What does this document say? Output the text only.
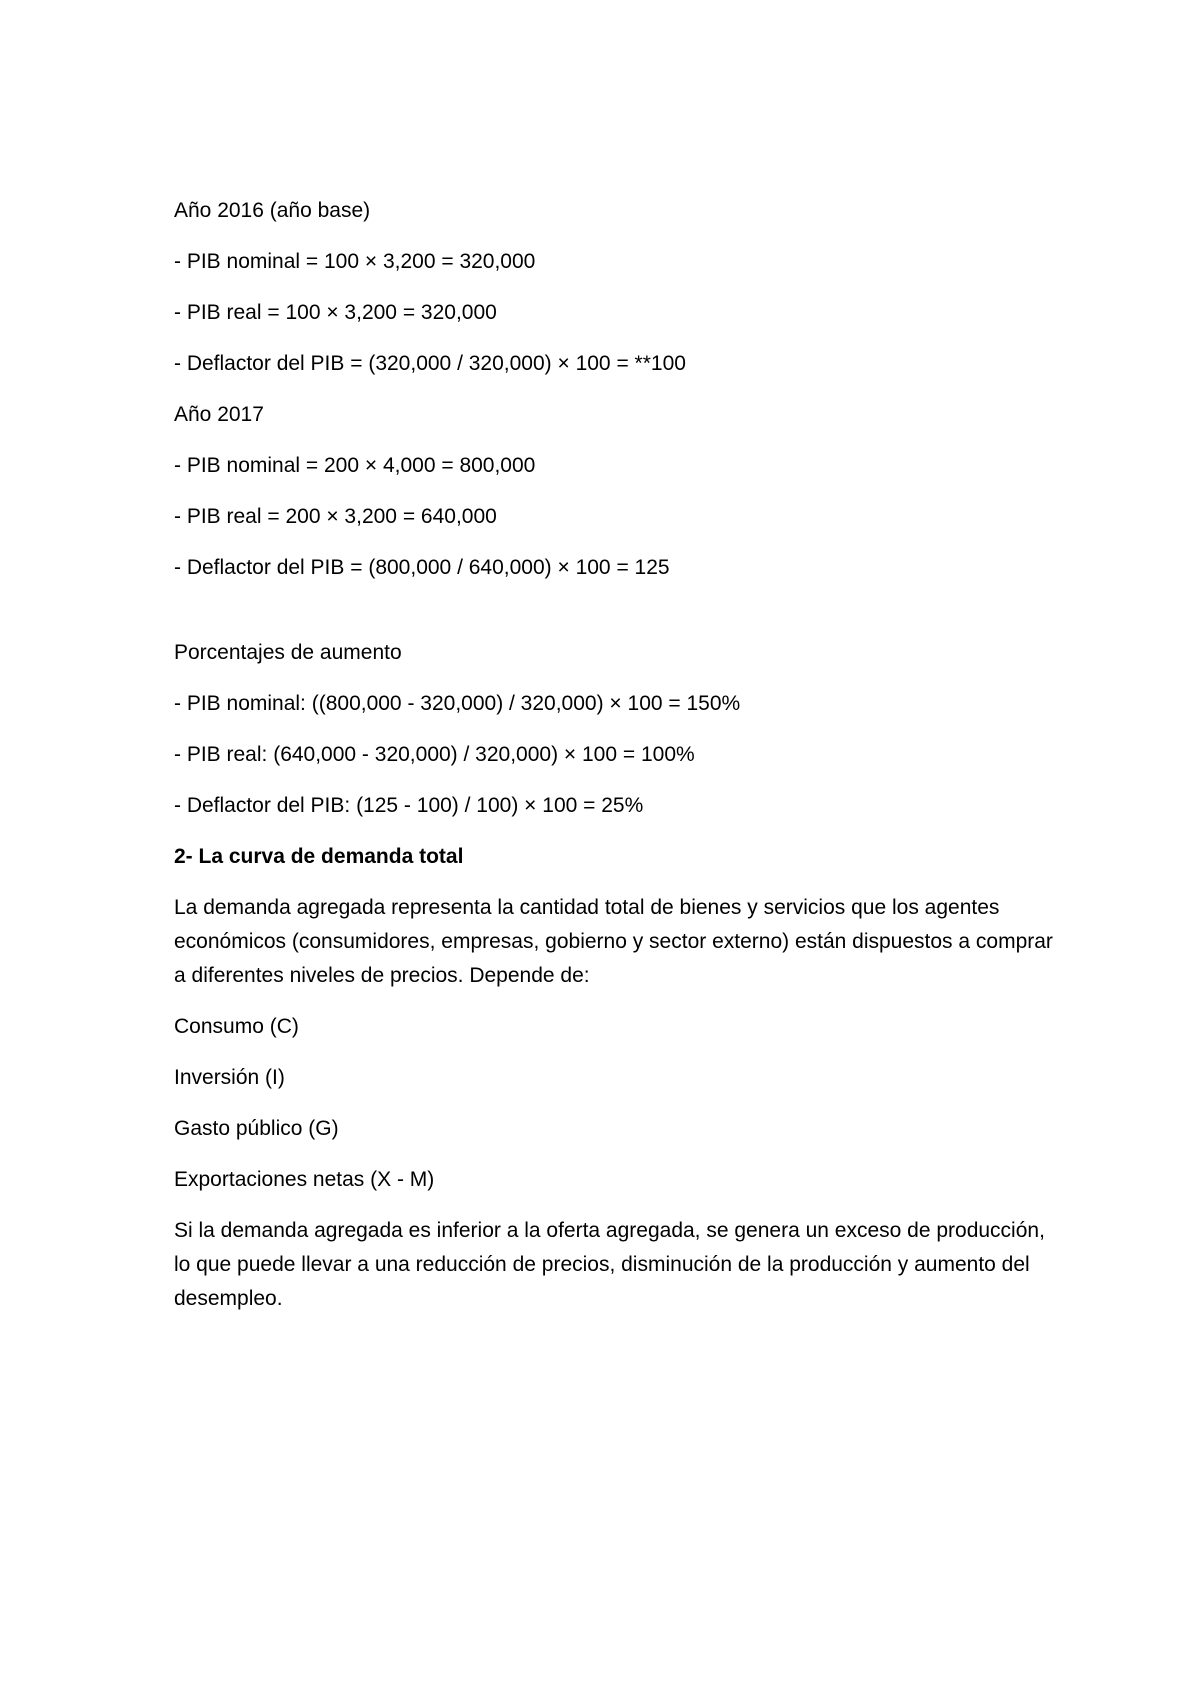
Año 2016 (año base)
- PIB nominal = 100 × 3,200 = 320,000
- PIB real = 100 × 3,200 = 320,000
- Deflactor del PIB = (320,000 / 320,000) × 100 = **100
Año 2017
- PIB nominal = 200 × 4,000 = 800,000
- PIB real = 200 × 3,200 = 640,000
- Deflactor del PIB = (800,000 / 640,000) × 100 = 125
Porcentajes de aumento
- PIB nominal: ((800,000 - 320,000) / 320,000) × 100 = 150%
- PIB real: (640,000 - 320,000) / 320,000) × 100 = 100%
- Deflactor del PIB: (125 - 100) / 100) × 100 = 25%
2- La curva de demanda total
La demanda agregada representa la cantidad total de bienes y servicios que los agentes económicos (consumidores, empresas, gobierno y sector externo) están dispuestos a comprar a diferentes niveles de precios. Depende de:
Consumo (C)
Inversión (I)
Gasto público (G)
Exportaciones netas (X - M)
Si la demanda agregada es inferior a la oferta agregada, se genera un exceso de producción, lo que puede llevar a una reducción de precios, disminución de la producción y aumento del desempleo.
